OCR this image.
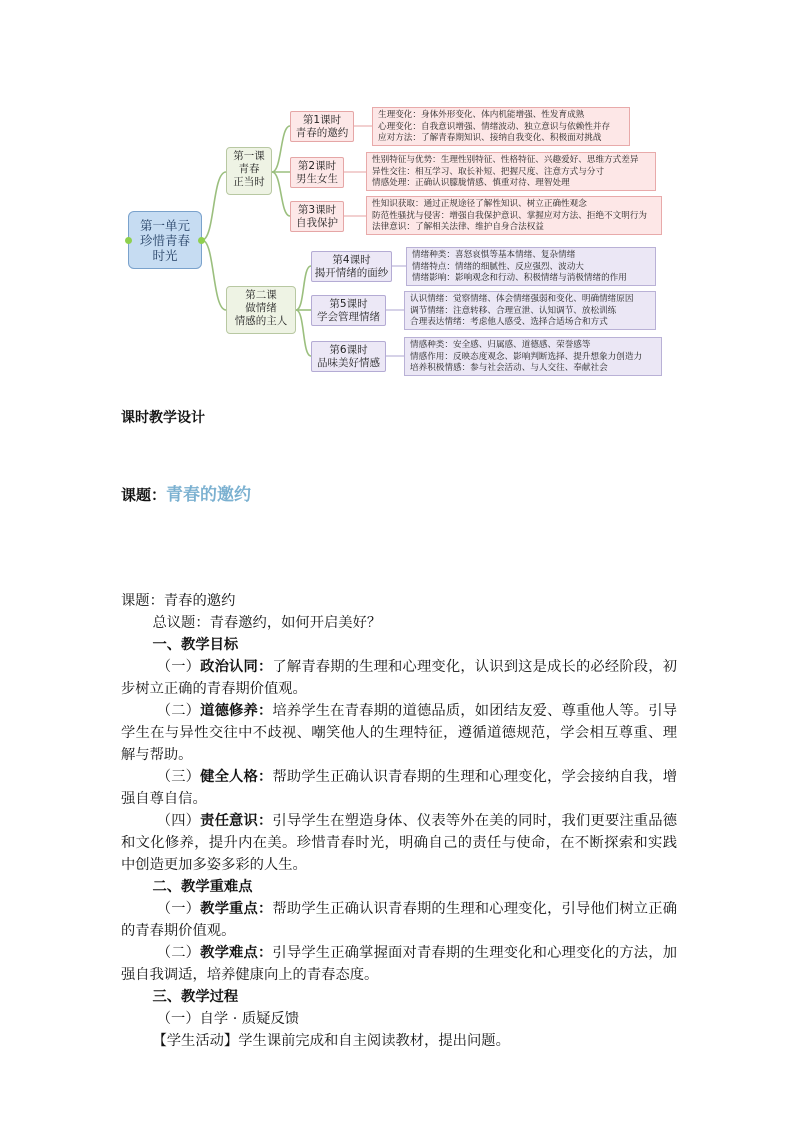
第一单元
珍惜青春
时光
第一课
青春
正当时
第1课时
青春的邀约
生理变化：身体外形变化、体内机能增强、性发育成熟
心理变化：自我意识增强、情绪波动、独立意识与依赖性并存
应对方法：了解青春期知识、接纳自我变化、积极面对挑战
第2课时
男生女生
性别特征与优势：生理性别特征、性格特征、兴趣爱好、思维方式差异
异性交往：相互学习、取长补短、把握尺度、注意方式与分寸
情感处理：正确认识朦胧情感、慎重对待、理智处理
第3课时
自我保护
性知识获取：通过正规途径了解性知识、树立正确性观念
防范性骚扰与侵害：增强自我保护意识、掌握应对方法、拒绝不文明行为
法律意识：了解相关法律、维护自身合法权益
第二课
做情绪
情感的主人
第4课时
揭开情绪的面纱
情绪种类：喜怒哀惧等基本情绪、复杂情绪
情绪特点：情绪的细腻性、反应强烈、波动大
情绪影响：影响观念和行动、积极情绪与消极情绪的作用
第5课时
学会管理情绪
认识情绪：觉察情绪、体会情绪强弱和变化、明确情绪原因
调节情绪：注意转移、合理宣泄、认知调节、放松训练
合理表达情绪：考虑他人感受、选择合适场合和方式
第6课时
品味美好情感
情感种类：安全感、归属感、道德感、荣誉感等
情感作用：反映态度观念、影响判断选择、提升想象力创造力
培养积极情感：参与社会活动、与人交往、奉献社会
课时教学设计
课题：青春的邀约

课题：青春的邀约

总议题：青春邀约，如何开启美好？

一、教学目标

（一）政治认同：了解青春期的生理和心理变化，认识到这是成长的必经阶段，初步树立正确的青春期价值观。

（二）道德修养：培养学生在青春期的道德品质，如团结友爱、尊重他人等。引导学生在与异性交往中不歧视、嘲笑他人的生理特征，遵循道德规范，学会相互尊重、理解与帮助。

（三）健全人格：帮助学生正确认识青春期的生理和心理变化，学会接纳自我，增强自尊自信。

（四）责任意识：引导学生在塑造身体、仪表等外在美的同时，我们更要注重品德和文化修养，提升内在美。珍惜青春时光，明确自己的责任与使命，在不断探索和实践中创造更加多姿多彩的人生。

二、教学重难点

（一）教学重点：帮助学生正确认识青春期的生理和心理变化，引导他们树立正确的青春期价值观。

（二）教学难点：引导学生正确掌握面对青春期的生理变化和心理变化的方法，加强自我调适，培养健康向上的青春态度。

三、教学过程

（一）自学 · 质疑反馈

【学生活动】学生课前完成和自主阅读教材，提出问题。
